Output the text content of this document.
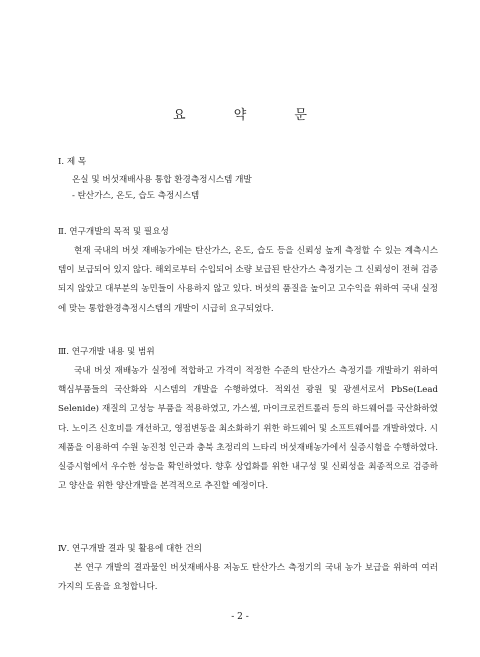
요 약 문
Ⅰ. 제 목
온실 및 버섯재배사용 통합 환경측정시스템 개발
- 탄산가스, 온도, 습도 측정시스템
Ⅱ. 연구개발의 목적 및 필요성

현재 국내의 버섯 재배농가에는 탄산가스, 온도, 습도 등을 신뢰성 높게 측정할 수 있는 계측시스템이 보급되어 있지 않다. 해외로부터 수입되어 소량 보급된 탄산가스 측정기는 그 신뢰성이 전혀 검증되지 않았고 대부분의 농민들이 사용하지 않고 있다. 버섯의 품질을 높이고 고수익을 위하여 국내 실정에 맞는 통합환경측정시스템의 개발이 시급히 요구되었다.

Ⅲ. 연구개발 내용 및 범위

국내 버섯 재배농가 실정에 적합하고 가격이 적정한 수준의 탄산가스 측정기를 개발하기 위하여 핵심부품들의 국산화와 시스템의 개발을 수행하였다. 적외선 광원 및 광센서로서 PbSe(Lead Selenide) 재질의 고성능 부품을 적용하였고, 가스셀, 마이크로컨트롤러 등의 하드웨어를 국산화하였다. 노이즈 신호비를 개선하고, 영점변동을 최소화하기 위한 하드웨어 및 소프트웨어를 개발하였다. 시제품을 이용하여 수원 농진청 인근과 충북 초정리의 느타리 버섯재배농가에서 실증시험을 수행하였다. 실증시험에서 우수한 성능을 확인하였다. 향후 상업화를 위한 내구성 및 신뢰성을 최종적으로 검증하고 양산을 위한 양산개발을 본격적으로 추진할 예정이다.

Ⅳ. 연구개발 결과 및 활용에 대한 건의

본 연구 개발의 결과물인 버섯재배사용 저농도 탄산가스 측정기의 국내 농가 보급을 위하여 여러 가지의 도움을 요청합니다.

- 2 -
